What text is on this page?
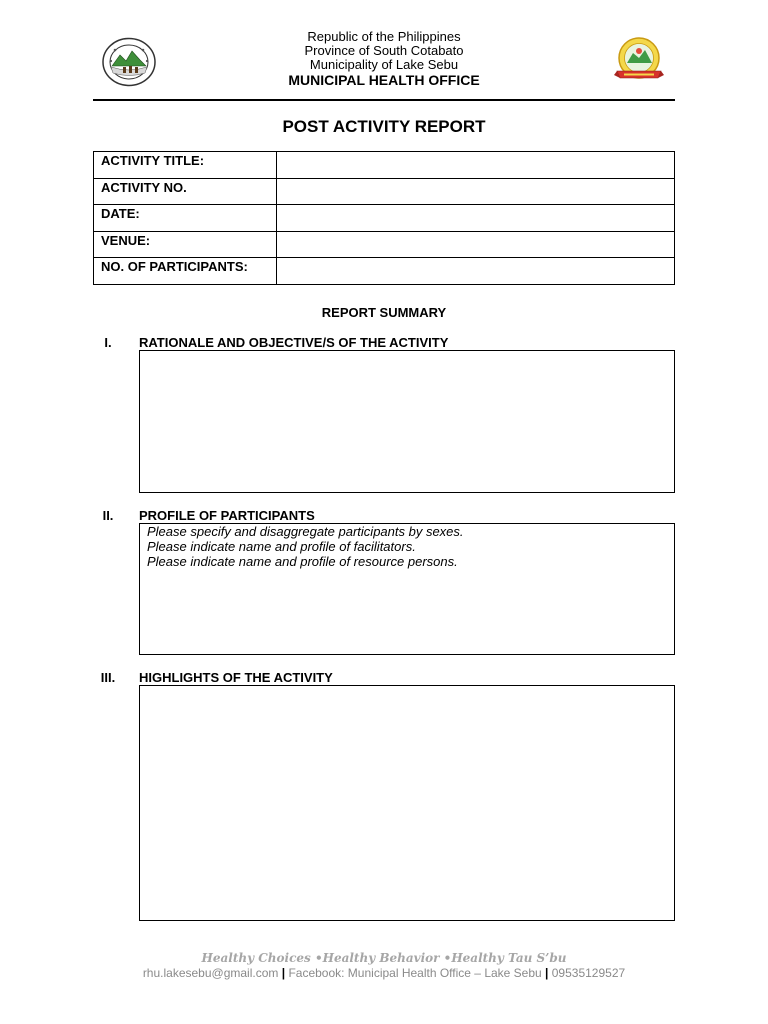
Republic of the Philippines
Province of South Cotabato
Municipality of Lake Sebu
MUNICIPAL HEALTH OFFICE
POST ACTIVITY REPORT
ACTIVITY TITLE:	
ACTIVITY NO.	
DATE:	
VENUE:	
NO. OF PARTICIPANTS:	
REPORT SUMMARY
I.	RATIONALE AND OBJECTIVE/S OF THE ACTIVITY
II.	PROFILE OF PARTICIPANTS
Please specify and disaggregate participants by sexes.
Please indicate name and profile of facilitators.
Please indicate name and profile of resource persons.
III.	HIGHLIGHTS OF THE ACTIVITY
Healthy Choices •Healthy Behavior •Healthy Tau S’bu
rhu.lakesebu@gmail.com | Facebook: Municipal Health Office – Lake Sebu | 09535129527
